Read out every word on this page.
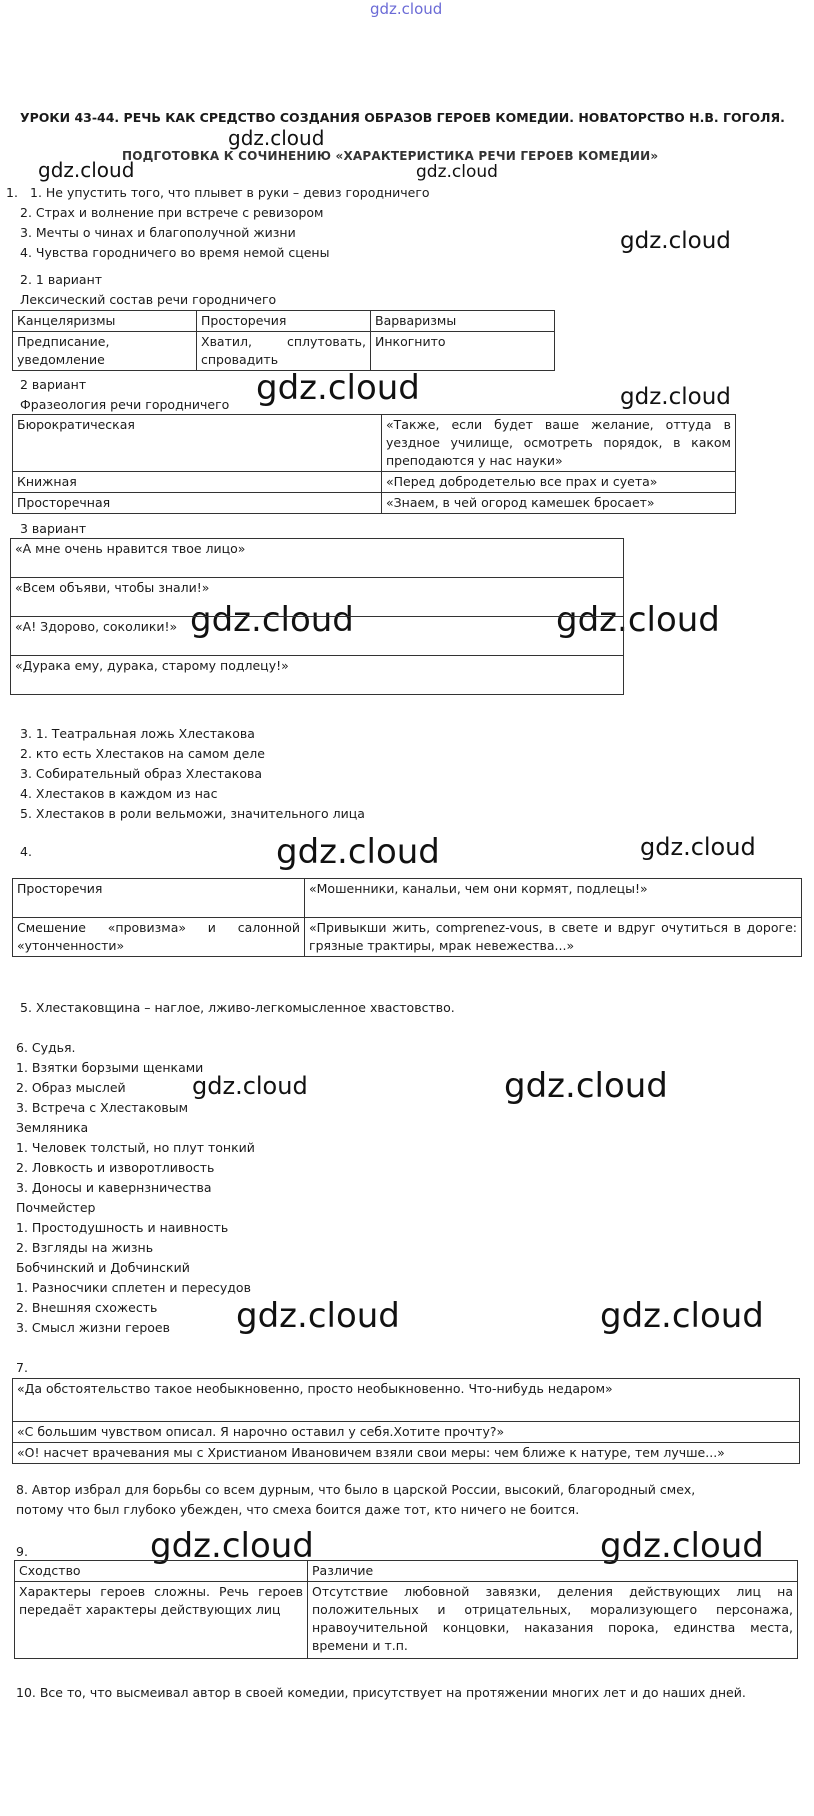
gdz.cloud
gdz.cloud
gdz.cloud	gdz.cloud
gdz.cloud
gdz.cloud	gdz.cloud
gdz.cloud	gdz.cloud
gdz.cloud	gdz.cloud
gdz.cloud	gdz.cloud
gdz.cloud	gdz.cloud
gdz.cloud	gdz.cloud
УРОКИ 43-44. РЕЧЬ КАК СРЕДСТВО СОЗДАНИЯ ОБРАЗОВ ГЕРОЕВ КОМЕДИИ. НОВАТОРСТВО Н.В. ГОГОЛЯ.
ПОДГОТОВКА К СОЧИНЕНИЮ «ХАРАКТЕРИСТИКА РЕЧИ ГЕРОЕВ КОМЕДИИ»
1. 1. Не упустить того, что плывет в руки – девиз городничего
2. Страх и волнение при встрече с ревизором
3. Мечты о чинах и благополучной жизни
4. Чувства городничего во время немой сцены
2. 1 вариант
Лексический состав речи городничего
Канцеляризмы	Просторечия	Варваризмы
Предписание, уведомление	Хватил, сплутовать, спровадить	Инкогнито
2 вариант
Фразеология речи городничего
Бюрократическая	«Также, если будет ваше желание, оттуда в уездное училище, осмотреть порядок, в каком преподаются у нас науки»
Книжная	«Перед добродетелью все прах и суета»
Просторечная	«Знаем, в чей огород камешек бросает»
3 вариант
«А мне очень нравится твое лицо»
«Всем объяви, чтобы знали!»
«А! Здорово, соколики!»
«Дурака ему, дурака, старому подлецу!»
3. 1. Театральная ложь Хлестакова
2. кто есть Хлестаков на самом деле
3. Собирательный образ Хлестакова
4. Хлестаков в каждом из нас
5. Хлестаков в роли вельможи, значительного лица
4.
Просторечия	«Мошенники, канальи, чем они кормят, подлецы!»
Смешение «провизма» и салонной «утонченности»	«Привыкши жить, comprenez-vous, в свете и вдруг очутиться в дороге: грязные трактиры, мрак невежества...»
5. Хлестаковщина – наглое, лживо-легкомысленное хвастовство.
6. Судья.
1. Взятки борзыми щенками
2. Образ мыслей
3. Встреча с Хлестаковым
Земляника
1. Человек толстый, но плут тонкий
2. Ловкость и изворотливость
3. Доносы и кавернзничества
Почмейстер
1. Простодушность и наивность
2. Взгляды на жизнь
Бобчинский и Добчинский
1. Разносчики сплетен и пересудов
2. Внешняя схожесть
3. Смысл жизни героев
7.
«Да обстоятельство такое необыкновенно, просто необыкновенно. Что-нибудь недаром»
«С большим чувством описал. Я нарочно оставил у себя.Хотите прочту?»
«О! насчет врачевания мы с Христианом Ивановичем взяли свои меры: чем ближе к натуре, тем лучше...»
8. Автор избрал для борьбы со всем дурным, что было в царской России, высокий, благородный смех,
потому что был глубоко убежден, что смеха боится даже тот, кто ничего не боится.
9.
Сходство	Различие
Характеры героев сложны. Речь героев передаёт характеры действующих лиц	Отсутствие любовной завязки, деления действующих лиц на положительных и отрицательных, морализующего персонажа, нравоучительной концовки, наказания порока, единства места, времени и т.п.
10. Все то, что высмеивал автор в своей комедии, присутствует на протяжении многих лет и до наших дней.
